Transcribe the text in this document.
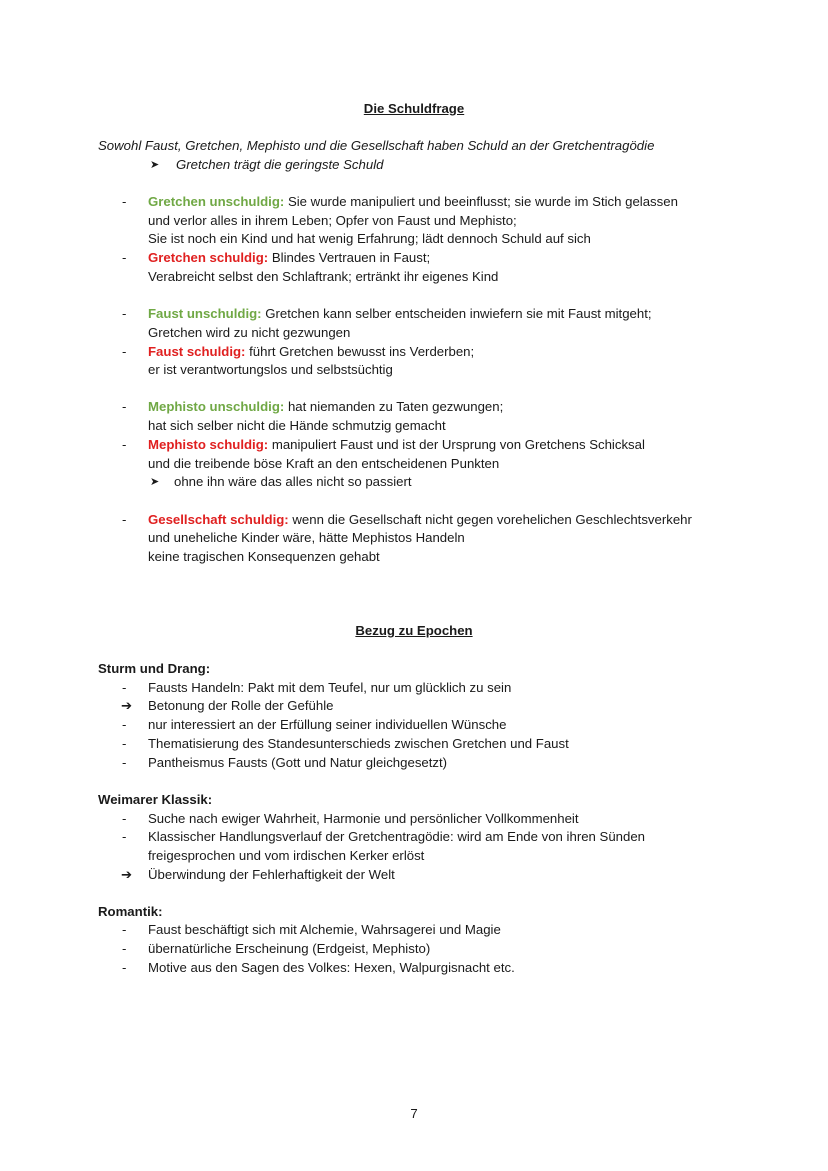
Die Schuldfrage
Sowohl Faust, Gretchen, Mephisto und die Gesellschaft haben Schuld an der Gretchentragödie
➤ Gretchen trägt die geringste Schuld
- Gretchen unschuldig: Sie wurde manipuliert und beeinflusst; sie wurde im Stich gelassen
und verlor alles in ihrem Leben; Opfer von Faust und Mephisto;
Sie ist noch ein Kind und hat wenig Erfahrung; lädt dennoch Schuld auf sich
- Gretchen schuldig: Blindes Vertrauen in Faust;
Verabreicht selbst den Schlaftrank; ertränkt ihr eigenes Kind
- Faust unschuldig: Gretchen kann selber entscheiden inwiefern sie mit Faust mitgeht;
Gretchen wird zu nicht gezwungen
- Faust schuldig: führt Gretchen bewusst ins Verderben;
er ist verantwortungslos und selbstsüchtig
- Mephisto unschuldig: hat niemanden zu Taten gezwungen;
hat sich selber nicht die Hände schmutzig gemacht
- Mephisto schuldig: manipuliert Faust und ist der Ursprung von Gretchens Schicksal
und die treibende böse Kraft an den entscheidenen Punkten
➤ ohne ihn wäre das alles nicht so passiert
- Gesellschaft schuldig: wenn die Gesellschaft nicht gegen vorehelichen Geschlechtsverkehr
und uneheliche Kinder wäre, hätte Mephistos Handeln
keine tragischen Konsequenzen gehabt
Bezug zu Epochen
Sturm und Drang:
- Fausts Handeln: Pakt mit dem Teufel, nur um glücklich zu sein
➔ Betonung der Rolle der Gefühle
- nur interessiert an der Erfüllung seiner individuellen Wünsche
- Thematisierung des Standesunterschieds zwischen Gretchen und Faust
- Pantheismus Fausts (Gott und Natur gleichgesetzt)
Weimarer Klassik:
- Suche nach ewiger Wahrheit, Harmonie und persönlicher Vollkommenheit
- Klassischer Handlungsverlauf der Gretchentragödie: wird am Ende von ihren Sünden
freigesprochen und vom irdischen Kerker erlöst
➔ Überwindung der Fehlerhaftigkeit der Welt
Romantik:
- Faust beschäftigt sich mit Alchemie, Wahrsagerei und Magie
- übernatürliche Erscheinung (Erdgeist, Mephisto)
- Motive aus den Sagen des Volkes: Hexen, Walpurgisnacht etc.
7
